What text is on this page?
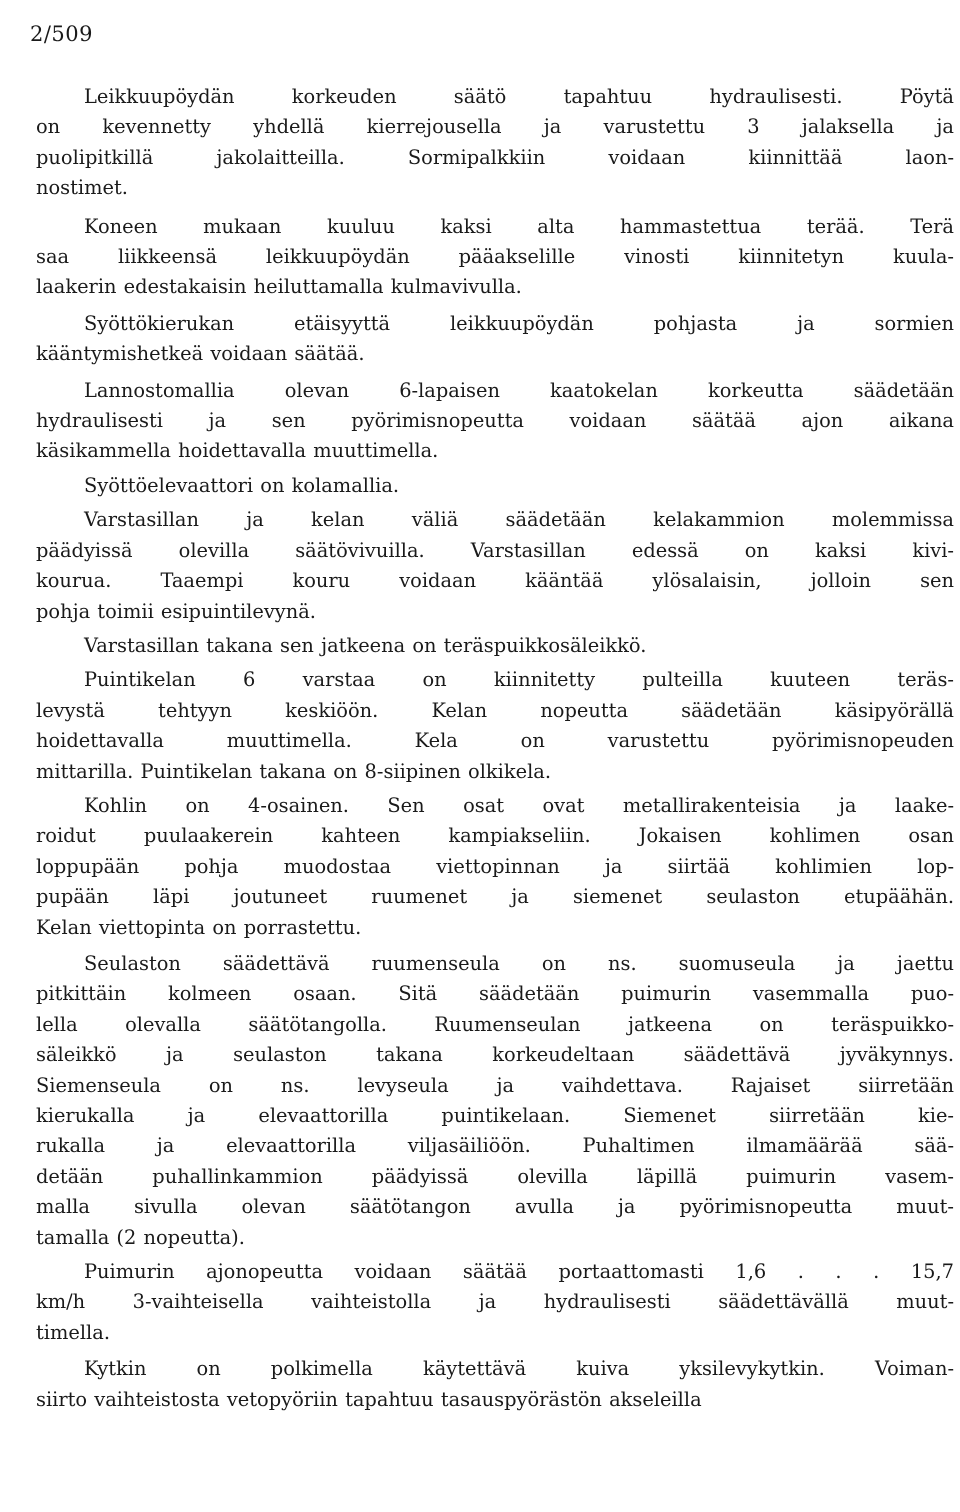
2/509
Leikkuupöydän korkeuden säätö tapahtuu hydraulisesti. Pöytä
on kevennetty yhdellä kierrejousella ja varustettu 3 jalaksella ja
puolipitkillä jakolaitteilla. Sormipalkkiin voidaan kiinnittää laon-
nostimet.
Koneen mukaan kuuluu kaksi alta hammastettua terää. Terä
saa liikkeensä leikkuupöydän pääakselille vinosti kiinnitetyn kuula-
laakerin edestakaisin heiluttamalla kulmavivulla.
Syöttökierukan etäisyyttä leikkuupöydän pohjasta ja sormien
kääntymishetkeä voidaan säätää.
Lannostomallia olevan 6-lapaisen kaatokelan korkeutta säädetään
hydraulisesti ja sen pyörimisnopeutta voidaan säätää ajon aikana
käsikammella hoidettavalla muuttimella.
Syöttöelevaattori on kolamallia.
Varstasillan ja kelan väliä säädetään kelakammion molemmissa
päädyissä olevilla säätövivuilla. Varstasillan edessä on kaksi kivi-
kourua. Taaempi kouru voidaan kääntää ylösalaisin, jolloin sen
pohja toimii esipuintilevynä.
Varstasillan takana sen jatkeena on teräspuikkosäleikkö.
Puintikelan 6 varstaa on kiinnitetty pulteilla kuuteen teräs-
levystä tehtyyn keskiöön. Kelan nopeutta säädetään käsipyörällä
hoidettavalla muuttimella. Kela on varustettu pyörimisnopeuden
mittarilla. Puintikelan takana on 8-siipinen olkikela.
Kohlin on 4-osainen. Sen osat ovat metallirakenteisia ja laake-
roidut puulaakerein kahteen kampiakseliin. Jokaisen kohlimen osan
loppupään pohja muodostaa viettopinnan ja siirtää kohlimien lop-
pupään läpi joutuneet ruumenet ja siemenet seulaston etupäähän.
Kelan viettopinta on porrastettu.
Seulaston säädettävä ruumenseula on ns. suomuseula ja jaettu
pitkittäin kolmeen osaan. Sitä säädetään puimurin vasemmalla puo-
lella olevalla säätötangolla. Ruumenseulan jatkeena on teräspuikko-
säleikkö ja seulaston takana korkeudeltaan säädettävä jyväkynnys.
Siemenseula on ns. levyseula ja vaihdettava. Rajaiset siirretään
kierukalla ja elevaattorilla puintikelaan. Siemenet siirretään kie-
rukalla ja elevaattorilla viljasäiliöön. Puhaltimen ilmamäärää sää-
detään puhallinkammion päädyissä olevilla läpillä puimurin vasem-
malla sivulla olevan säätötangon avulla ja pyörimisnopeutta muut-
tamalla (2 nopeutta).
Puimurin ajonopeutta voidaan säätää portaattomasti 1,6 . . . 15,7
km/h 3-vaihteisella vaihteistolla ja hydraulisesti säädettävällä muut-
timella.
Kytkin on polkimella käytettävä kuiva yksilevykytkin. Voiman-
siirto vaihteistosta vetopyöriin tapahtuu tasauspyörästön akseleilla
